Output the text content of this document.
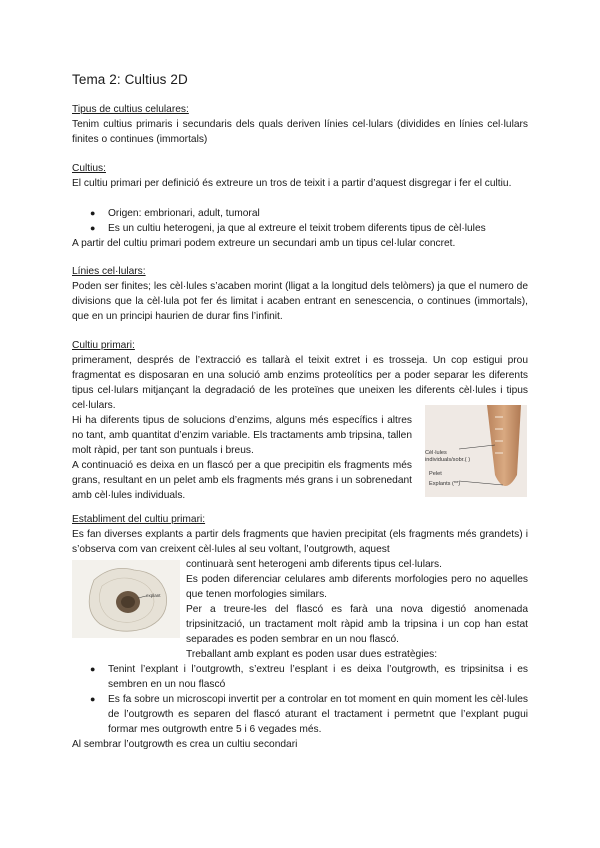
Tema 2: Cultius 2D
Tipus de cultius celulares:
Tenim cultius primaris i secundaris dels quals deriven línies cel·lulars (dividides en línies cel·lulars finites o continues (immortals)
Cultius:
El cultiu primari per definició és extreure un tros de teixit i a partir d’aquest disgregar i fer el cultiu.
● Origen: embrionari, adult, tumoral
● Es un cultiu heterogeni, ja que al extreure el teixit trobem diferents tipus de cèl·lules
A partir del cultiu primari podem extreure un secundari amb un tipus cel·lular concret.
Línies cel·lulars:
Poden ser finites; les cèl·lules s’acaben morint (lligat a la longitud dels telòmers) ja que el numero de divisions que la cèl·lula pot fer és limitat i acaben entrant en senescencia, o continues (immortals), que en un principi haurien de durar fins l’infinit.
Cultiu primari:
primerament, després de l’extracció es tallarà el teixit extret i es trosseja. Un cop estigui prou fragmentat es disposaran en una solució amb enzims proteolítics per a poder separar les diferents tipus cel·lulars mitjançant la degradació de les proteïnes que uneixen les diferents cèl·lules i tipus cel·lulars.
Hi ha diferents tipus de solucions d’enzims, alguns més específics i altres no tant, amb quantitat d’enzim variable. Els tractaments amb tripsina, tallen molt ràpid, per tant son puntuals i breus.
A continuació es deixa en un flascó per a que precipitin els fragments més grans, resultant en un pelet amb els fragments més grans i un sobrenedant amb cèl·lules individuals.
Cèl·lules
individuals/sobr.( )
Pelet
Explants (**)
Establiment del cultiu primari:
Es fan diverses explants a partir dels fragments que havien precipitat (els fragments més grandets) i s’observa com van creixent cèl·lules al seu voltant, l’outgrowth, aquest
continuarà sent heterogeni amb diferents tipus cel·lulars.
Es poden diferenciar celulares amb diferents morfologies pero no aquelles que tenen morfologies similars.
Per a treure-les del flascó es farà una nova digestió anomenada tripsinització, un tractament molt ràpid amb la tripsina i un cop han estat separades es poden sembrar en un nou flascó.
Treballant amb explant es poden usar dues estratègies:
explant
● Tenint l’explant i l’outgrowth, s’extreu l’esplant i es deixa l’outgrowth, es tripsinitsa i es sembren en un nou flascó
● Es fa sobre un microscopi invertit per a controlar en tot moment en quin moment les cèl·lules de l’outgrowth es separen del flascó aturant el tractament i permetnt que l’explant pugui formar mes outgrowth entre 5 i 6 vegades més.
Al sembrar l’outgrowth es crea un cultiu secondari
